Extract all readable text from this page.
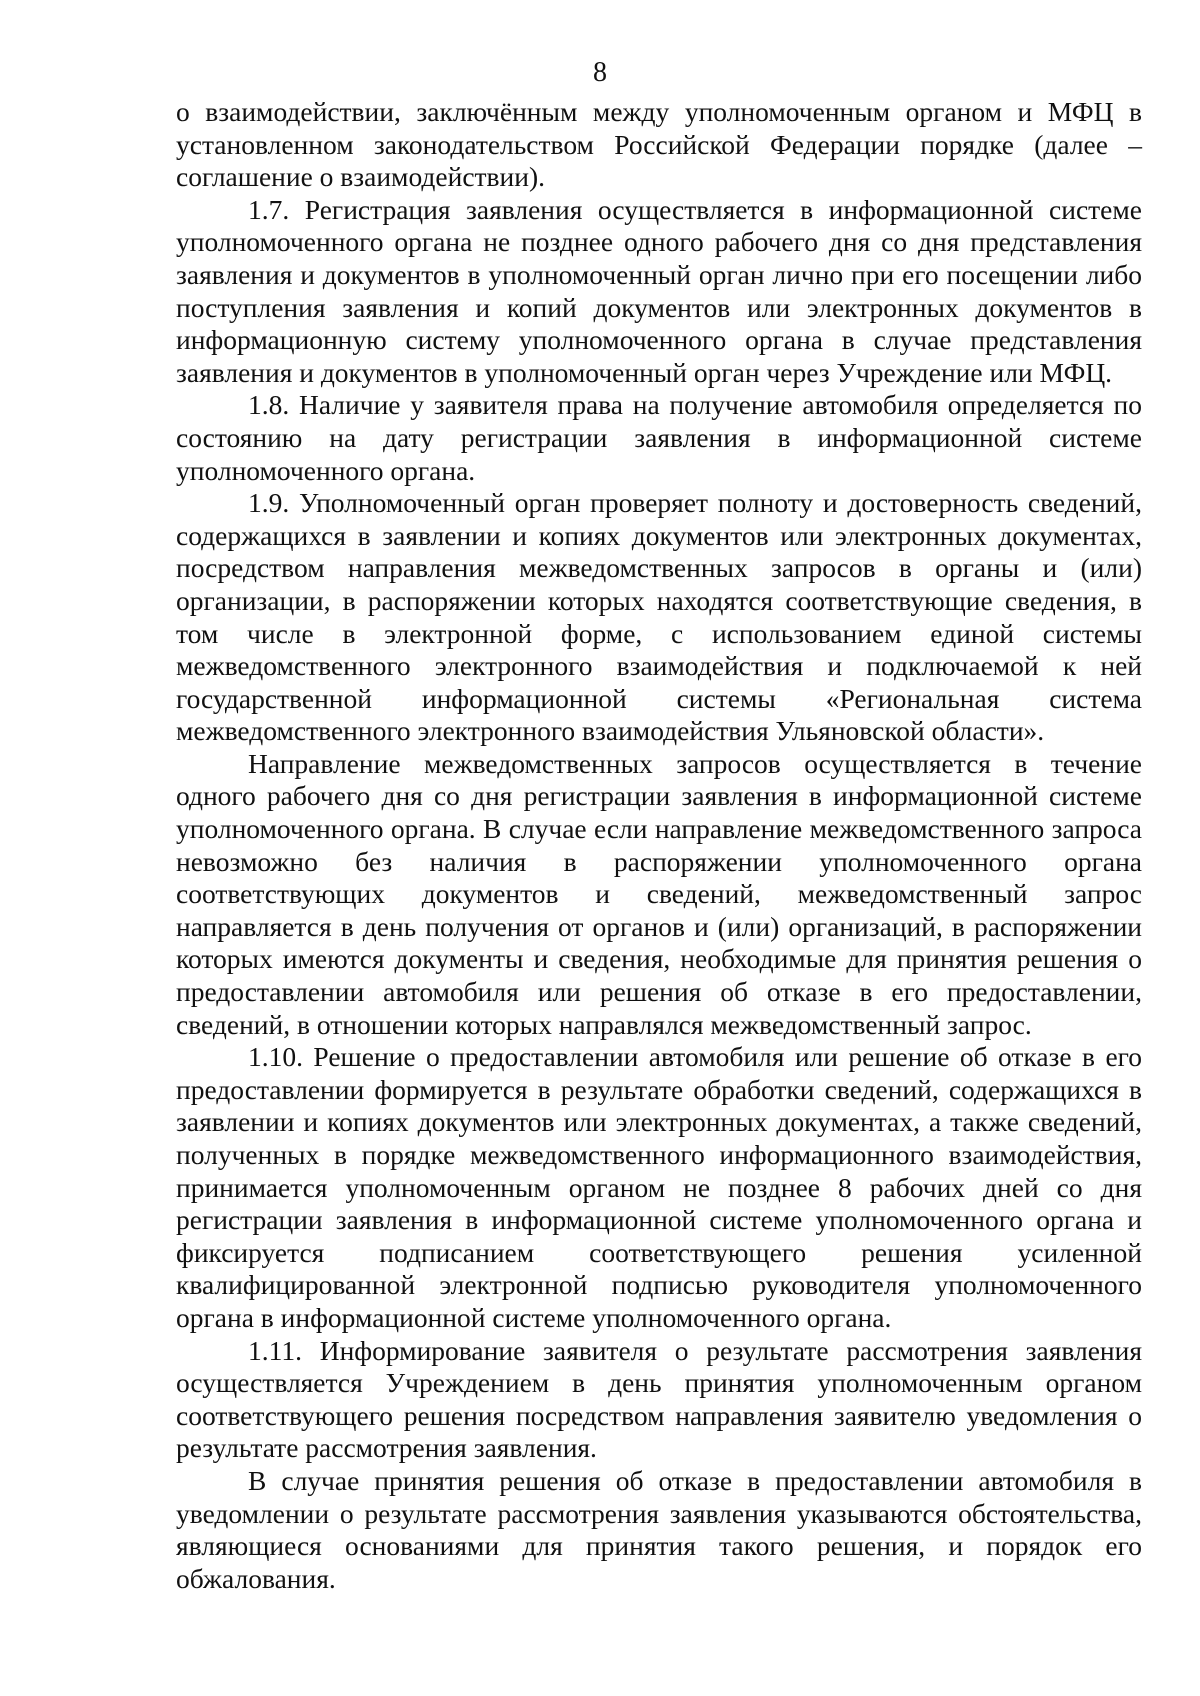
8

о взаимодействии, заключённым между уполномоченным органом и МФЦ в установленном законодательством Российской Федерации порядке (далее – соглашение о взаимодействии).

1.7. Регистрация заявления осуществляется в информационной системе уполномоченного органа не позднее одного рабочего дня со дня представления заявления и документов в уполномоченный орган лично при его посещении либо поступления заявления и копий документов или электронных документов в информационную систему уполномоченного органа в случае представления заявления и документов в уполномоченный орган через Учреждение или МФЦ.

1.8. Наличие у заявителя права на получение автомобиля определяется по состоянию на дату регистрации заявления в информационной системе уполномоченного органа.

1.9. Уполномоченный орган проверяет полноту и достоверность сведений, содержащихся в заявлении и копиях документов или электронных документах, посредством направления межведомственных запросов в органы и (или) организации, в распоряжении которых находятся соответствующие сведения, в том числе в электронной форме, с использованием единой системы межведомственного электронного взаимодействия и подключаемой к ней государственной информационной системы «Региональная система межведомственного электронного взаимодействия Ульяновской области».

Направление межведомственных запросов осуществляется в течение одного рабочего дня со дня регистрации заявления в информационной системе уполномоченного органа. В случае если направление межведомственного запроса невозможно без наличия в распоряжении уполномоченного органа соответствующих документов и сведений, межведомственный запрос направляется в день получения от органов и (или) организаций, в распоряжении которых имеются документы и сведения, необходимые для принятия решения о предоставлении автомобиля или решения об отказе в его предоставлении, сведений, в отношении которых направлялся межведомственный запрос.

1.10. Решение о предоставлении автомобиля или решение об отказе в его предоставлении формируется в результате обработки сведений, содержащихся в заявлении и копиях документов или электронных документах, а также сведений, полученных в порядке межведомственного информационного взаимодействия, принимается уполномоченным органом не позднее 8 рабочих дней со дня регистрации заявления в информационной системе уполномоченного органа и фиксируется подписанием соответствующего решения усиленной квалифицированной электронной подписью руководителя уполномоченного органа в информационной системе уполномоченного органа.

1.11. Информирование заявителя о результате рассмотрения заявления осуществляется Учреждением в день принятия уполномоченным органом соответствующего решения посредством направления заявителю уведомления о результате рассмотрения заявления.

В случае принятия решения об отказе в предоставлении автомобиля в уведомлении о результате рассмотрения заявления указываются обстоятельства, являющиеся основаниями для принятия такого решения, и порядок его обжалования.
